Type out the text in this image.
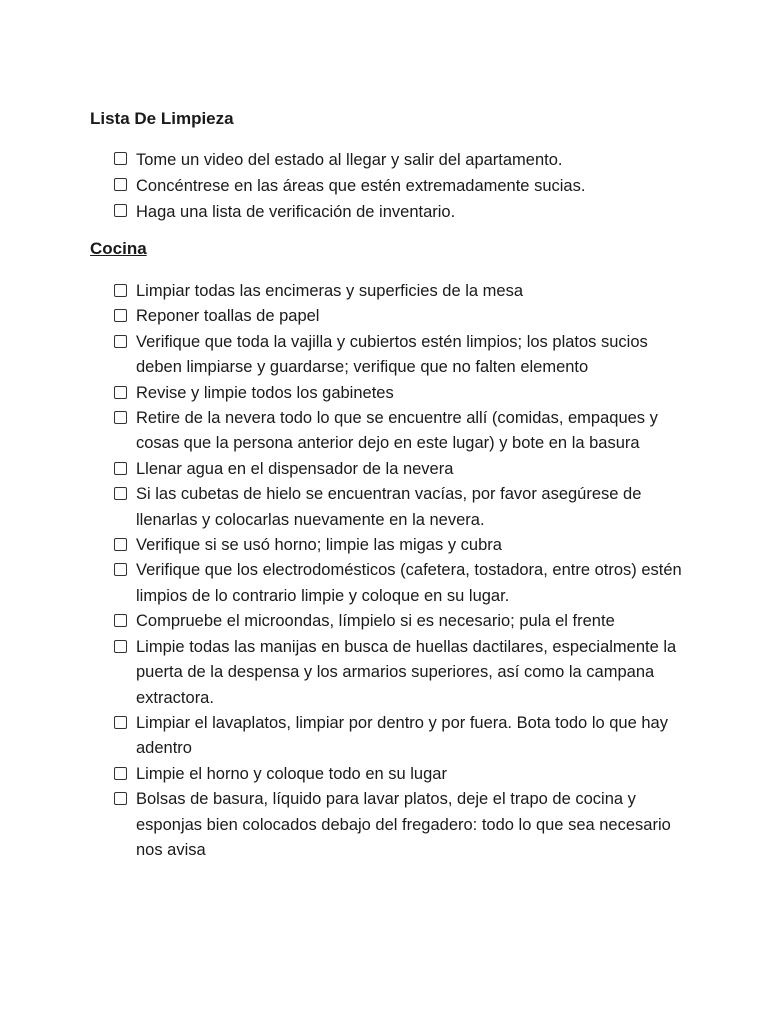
Lista De Limpieza
Tome un video del estado al llegar y salir del apartamento.
Concéntrese en las áreas que estén extremadamente sucias.
Haga una lista de verificación de inventario.
Cocina
Limpiar todas las encimeras y superficies de la mesa
Reponer toallas de papel
Verifique que toda la vajilla y cubiertos estén limpios; los platos sucios deben limpiarse y guardarse; verifique que no falten elemento
Revise y limpie todos los gabinetes
Retire de la nevera todo lo que se encuentre allí (comidas, empaques y cosas que la persona anterior dejo en este lugar) y bote en la basura
Llenar agua en el dispensador de la nevera
Si las cubetas de hielo se encuentran vacías, por favor asegúrese de llenarlas y colocarlas nuevamente en la nevera.
Verifique si se usó horno; limpie las migas y cubra
Verifique que los electrodomésticos (cafetera, tostadora, entre otros) estén limpios de lo contrario limpie y coloque en su lugar.
Compruebe el microondas, límpielo si es necesario; pula el frente
Limpie todas las manijas en busca de huellas dactilares, especialmente la puerta de la despensa y los armarios superiores, así como la campana extractora.
Limpiar el lavaplatos, limpiar por dentro y por fuera. Bota todo lo que hay adentro
Limpie el horno y coloque todo en su lugar
Bolsas de basura, líquido para lavar platos, deje el trapo de cocina y esponjas bien colocados debajo del fregadero: todo lo que sea necesario nos avisa
